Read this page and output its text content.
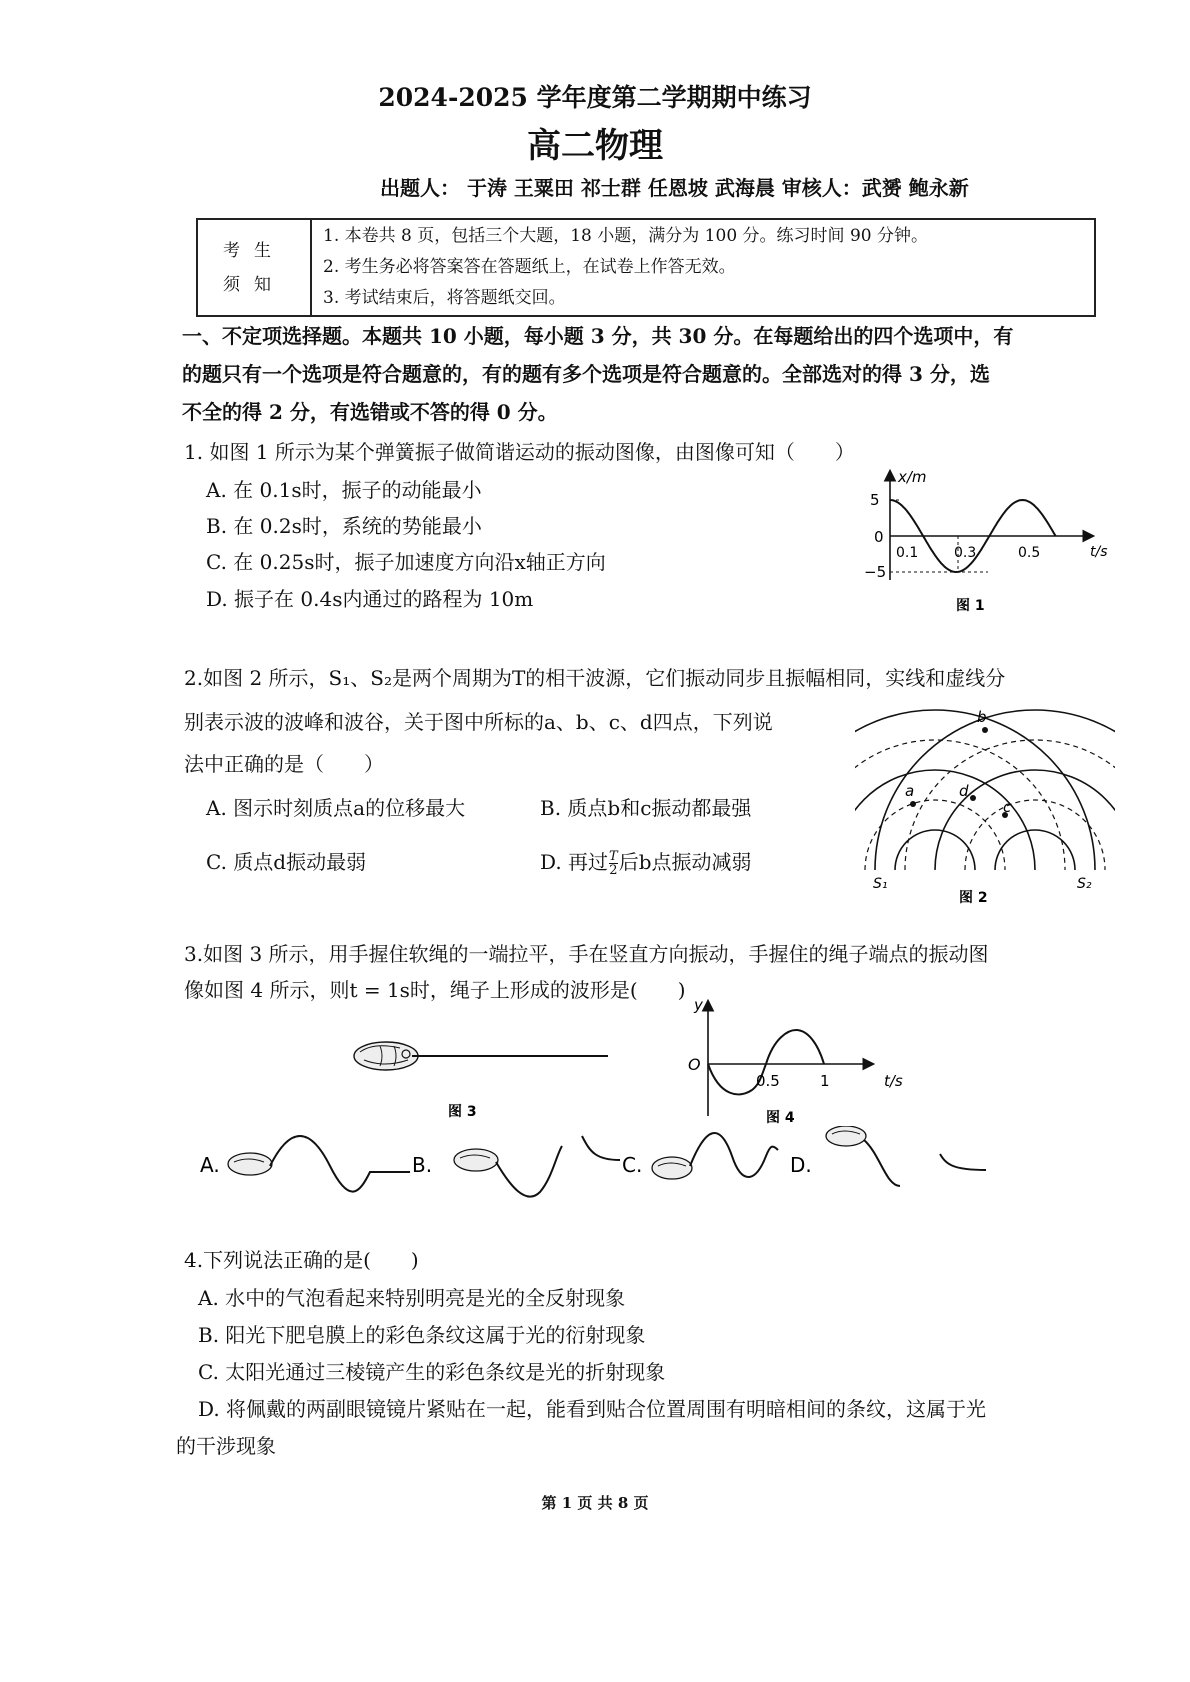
2024-2025 学年度第二学期期中练习
高二物理
出题人： 于涛 王粟田 祁士群 任恩坡 武海晨 审核人：武赟 鲍永新
考生
须知

1. 本卷共 8 页，包括三个大题，18 小题，满分为 100 分。练习时间 90 分钟。
2. 考生务必将答案答在答题纸上，在试卷上作答无效。
3. 考试结束后，将答题纸交回。
一、不定项选择题。本题共 10 小题，每小题 3 分，共 30 分。在每题给出的四个选项中，有
的题只有一个选项是符合题意的，有的题有多个选项是符合题意的。全部选对的得 3 分，选
不全的得 2 分，有选错或不答的得 0 分。
1. 如图 1 所示为某个弹簧振子做简谐运动的振动图像，由图像可知（　　）
A. 在 0.1s时，振子的动能最小
B. 在 0.2s时，系统的势能最小
C. 在 0.25s时，振子加速度方向沿x轴正方向
D. 振子在 0.4s内通过的路程为 10m
x/m
5
−5
0
0.1	0.3	0.5	t/s
图 1
2.如图 2 所示，S₁、S₂是两个周期为T的相干波源，它们振动同步且振幅相同，实线和虚线分
别表示波的波峰和波谷，关于图中所标的a、b、c、d四点，下列说
法中正确的是（　　）
A. 图示时刻质点a的位移最大	B. 质点b和c振动都最强
C. 质点d振动最弱	D. 再过 $\frac{T}{2}$ 后b点振动减弱
b
a	d
c
S₁	S₂
图 2
3.如图 3 所示，用手握住软绳的一端拉平，手在竖直方向振动，手握住的绳子端点的振动图
像如图 4 所示，则t = 1s时，绳子上形成的波形是(　　)
图 3
y
O
0.5	1	t/s
图 4
A.	B.	C.	D.
4.下列说法正确的是(　　)
A. 水中的气泡看起来特别明亮是光的全反射现象
B. 阳光下肥皂膜上的彩色条纹这属于光的衍射现象
C. 太阳光通过三棱镜产生的彩色条纹是光的折射现象
D. 将佩戴的两副眼镜镜片紧贴在一起，能看到贴合位置周围有明暗相间的条纹，这属于光
的干涉现象
第 1 页 共 8 页
